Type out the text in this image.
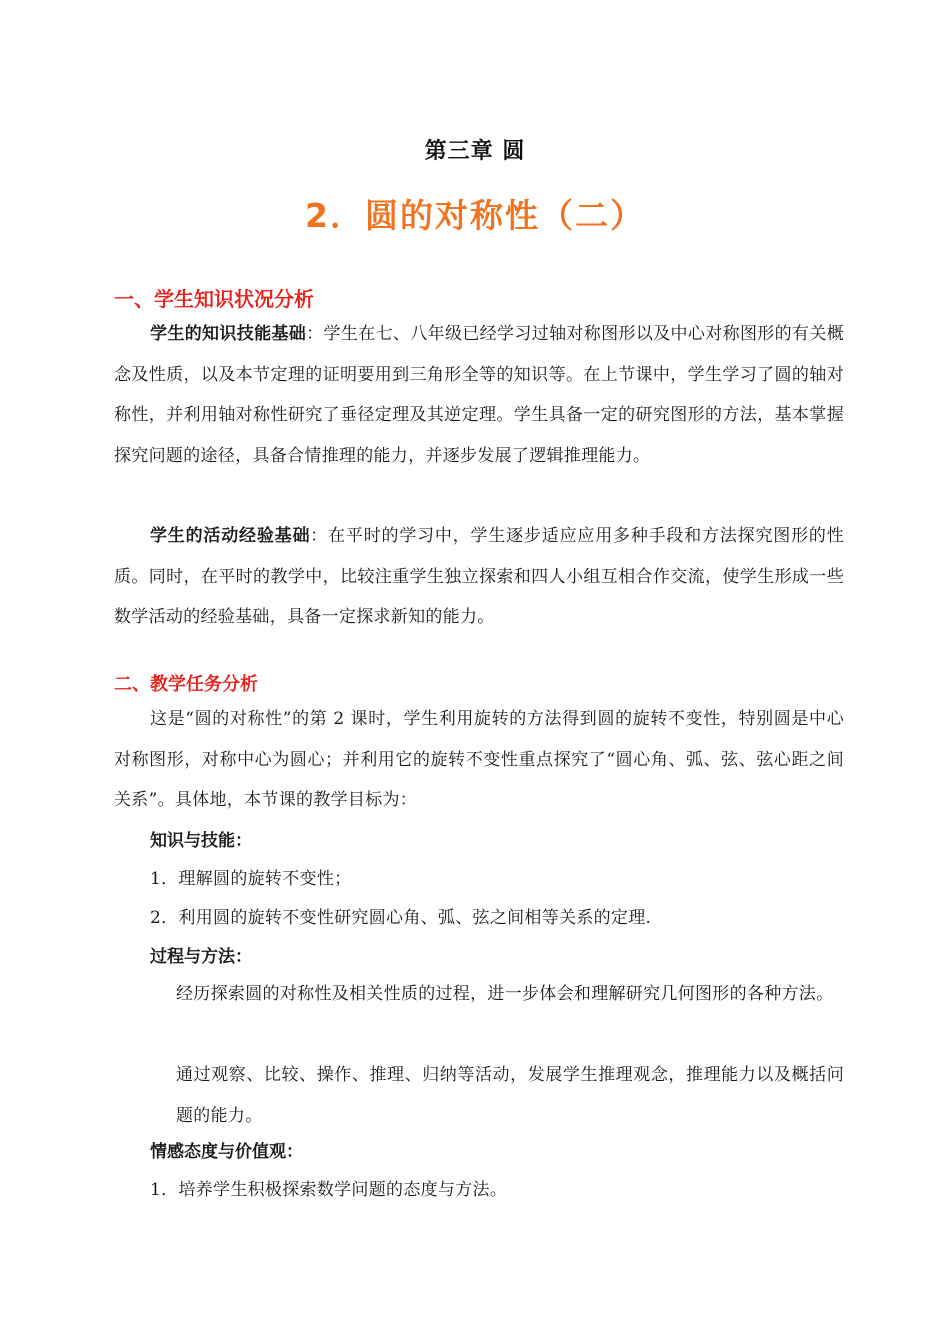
第三章 圆
2．圆的对称性（二）
一、学生知识状况分析
学生的知识技能基础：学生在七、八年级已经学习过轴对称图形以及中心对称图形的有关概念及性质，以及本节定理的证明要用到三角形全等的知识等。在上节课中，学生学习了圆的轴对称性，并利用轴对称性研究了垂径定理及其逆定理。学生具备一定的研究图形的方法，基本掌握探究问题的途径，具备合情推理的能力，并逐步发展了逻辑推理能力。
学生的活动经验基础：在平时的学习中，学生逐步适应应用多种手段和方法探究图形的性质。同时，在平时的教学中，比较注重学生独立探索和四人小组互相合作交流，使学生形成一些数学活动的经验基础，具备一定探求新知的能力。
二、教学任务分析
这是“圆的对称性”的第 2 课时，学生利用旋转的方法得到圆的旋转不变性，特别圆是中心对称图形，对称中心为圆心；并利用它的旋转不变性重点探究了“圆心角、弧、弦、弦心距之间关系”。具体地，本节课的教学目标为：
知识与技能：
1．理解圆的旋转不变性；
2．利用圆的旋转不变性研究圆心角、弧、弦之间相等关系的定理.
过程与方法：
经历探索圆的对称性及相关性质的过程，进一步体会和理解研究几何图形的各种方法。
通过观察、比较、操作、推理、归纳等活动，发展学生推理观念，推理能力以及概括问题的能力。
情感态度与价值观：
1．培养学生积极探索数学问题的态度与方法。
